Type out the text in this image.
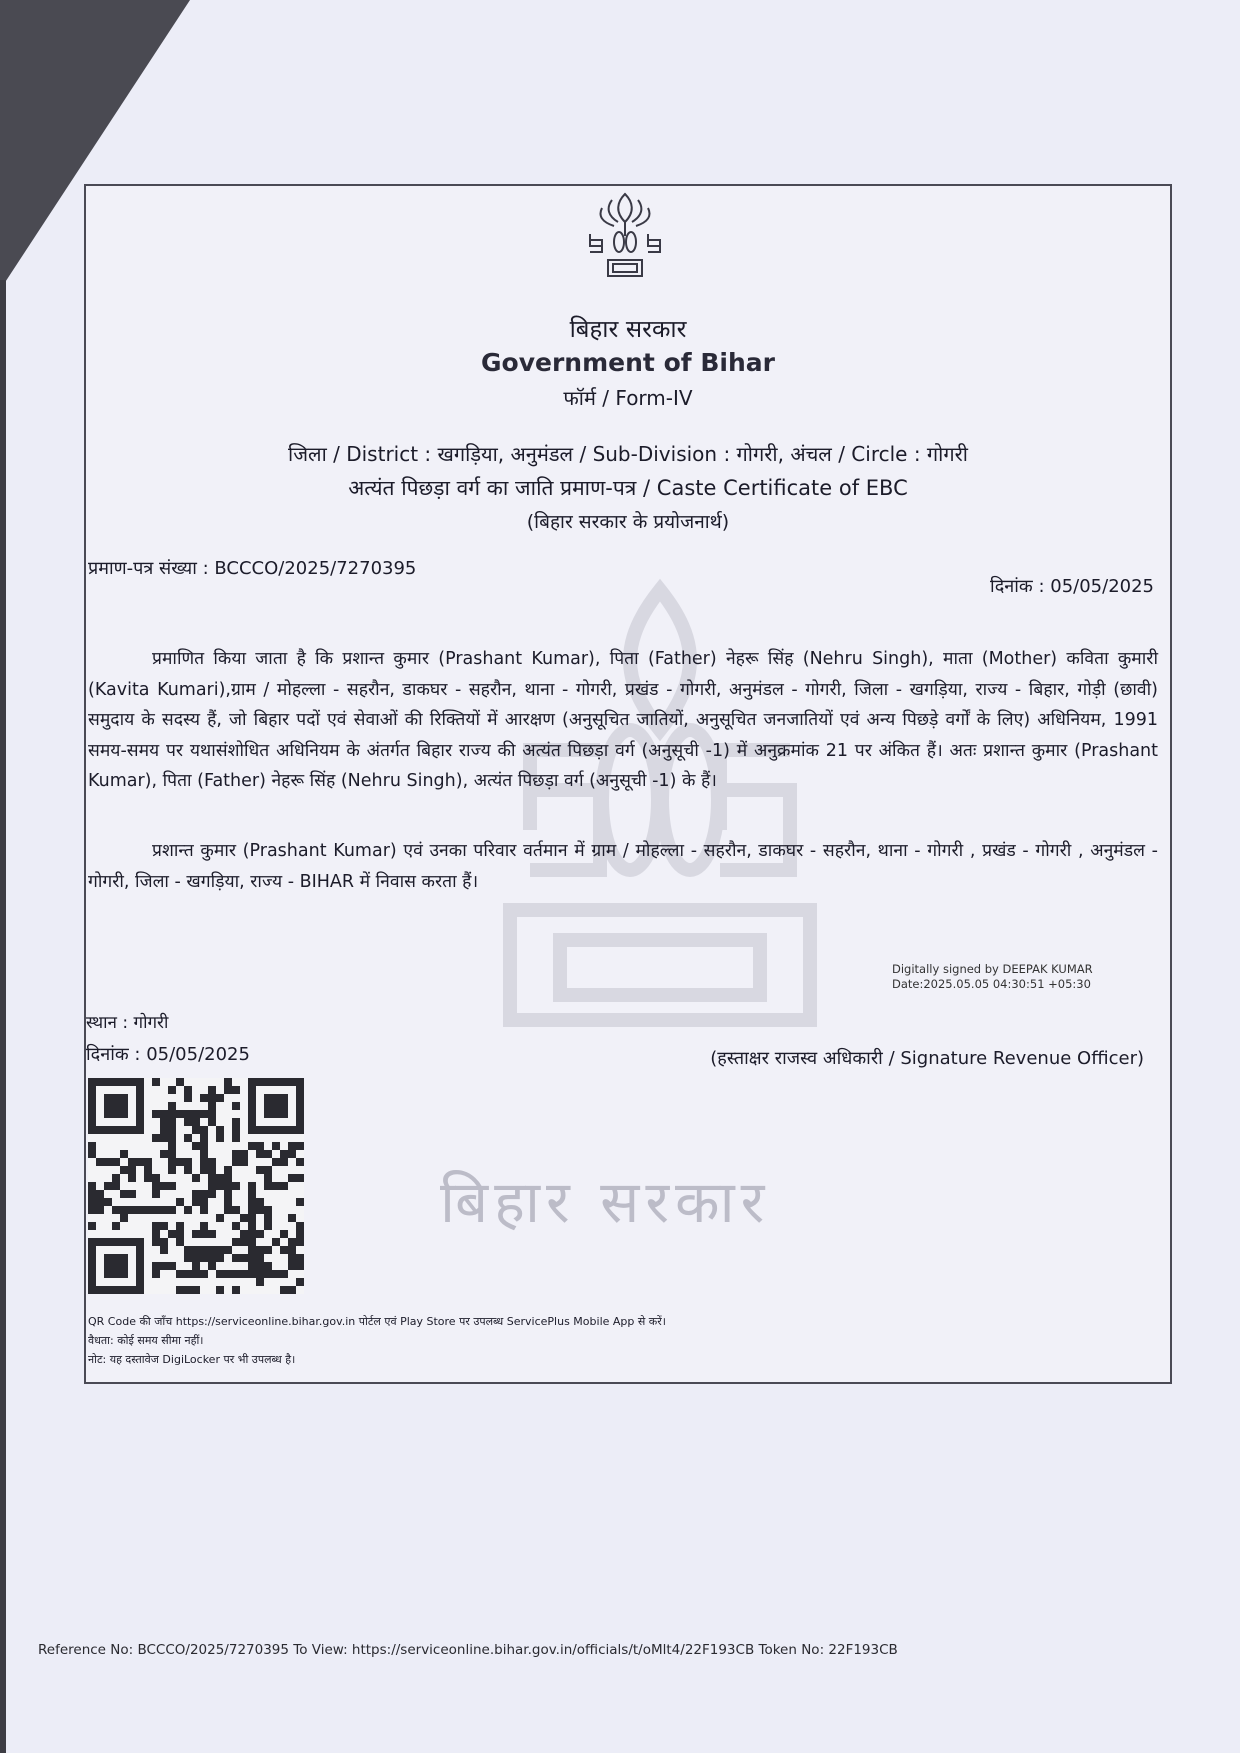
बिहार सरकार
बिहार सरकार
Government of Bihar
फॉर्म / Form-IV
जिला / District : खगड़िया, अनुमंडल / Sub-Division : गोगरी, अंचल / Circle : गोगरी
अत्यंत पिछड़ा वर्ग का जाति प्रमाण-पत्र / Caste Certificate of EBC
(बिहार सरकार के प्रयोजनार्थ)
प्रमाण-पत्र संख्या : BCCCO/2025/7270395
दिनांक : 05/05/2025

प्रमाणित किया जाता है कि प्रशान्त कुमार (Prashant Kumar), पिता (Father) नेहरू सिंह (Nehru Singh), माता (Mother) कविता कुमारी (Kavita Kumari),ग्राम / मोहल्ला - सहरौन, डाकघर - सहरौन, थाना - गोगरी, प्रखंड - गोगरी, अनुमंडल - गोगरी, जिला - खगड़िया, राज्य - बिहार, गोड़ी (छावी) समुदाय के सदस्य हैं, जो बिहार पदों एवं सेवाओं की रिक्तियों में आरक्षण (अनुसूचित जातियों, अनुसूचित जनजातियों एवं अन्य पिछड़े वर्गों के लिए) अधिनियम, 1991 समय-समय पर यथासंशोधित अधिनियम के अंतर्गत बिहार राज्य की अत्यंत पिछड़ा वर्ग (अनुसूची -1) में अनुक्रमांक 21 पर अंकित हैं। अतः प्रशान्त कुमार (Prashant Kumar), पिता (Father) नेहरू सिंह (Nehru Singh), अत्यंत पिछड़ा वर्ग (अनुसूची -1) के हैं।

प्रशान्त कुमार (Prashant Kumar) एवं उनका परिवार वर्तमान में ग्राम / मोहल्ला - सहरौन, डाकघर - सहरौन, थाना - गोगरी , प्रखंड - गोगरी , अनुमंडल - गोगरी, जिला - खगड़िया, राज्य - BIHAR में निवास करता हैं।

Digitally signed by DEEPAK KUMAR
Date:2025.05.05 04:30:51 +05:30
स्थान : गोगरी
दिनांक : 05/05/2025	(हस्ताक्षर राजस्व अधिकारी / Signature Revenue Officer)
QR Code की जाँच https://serviceonline.bihar.gov.in पोर्टल एवं Play Store पर उपलब्ध ServicePlus Mobile App से करें।
वैधता: कोई समय सीमा नहीं।
नोट: यह दस्तावेज DigiLocker पर भी उपलब्ध है।
Reference No: BCCCO/2025/7270395 To View: https://serviceonline.bihar.gov.in/officials/t/oMlt4/22F193CB Token No: 22F193CB
